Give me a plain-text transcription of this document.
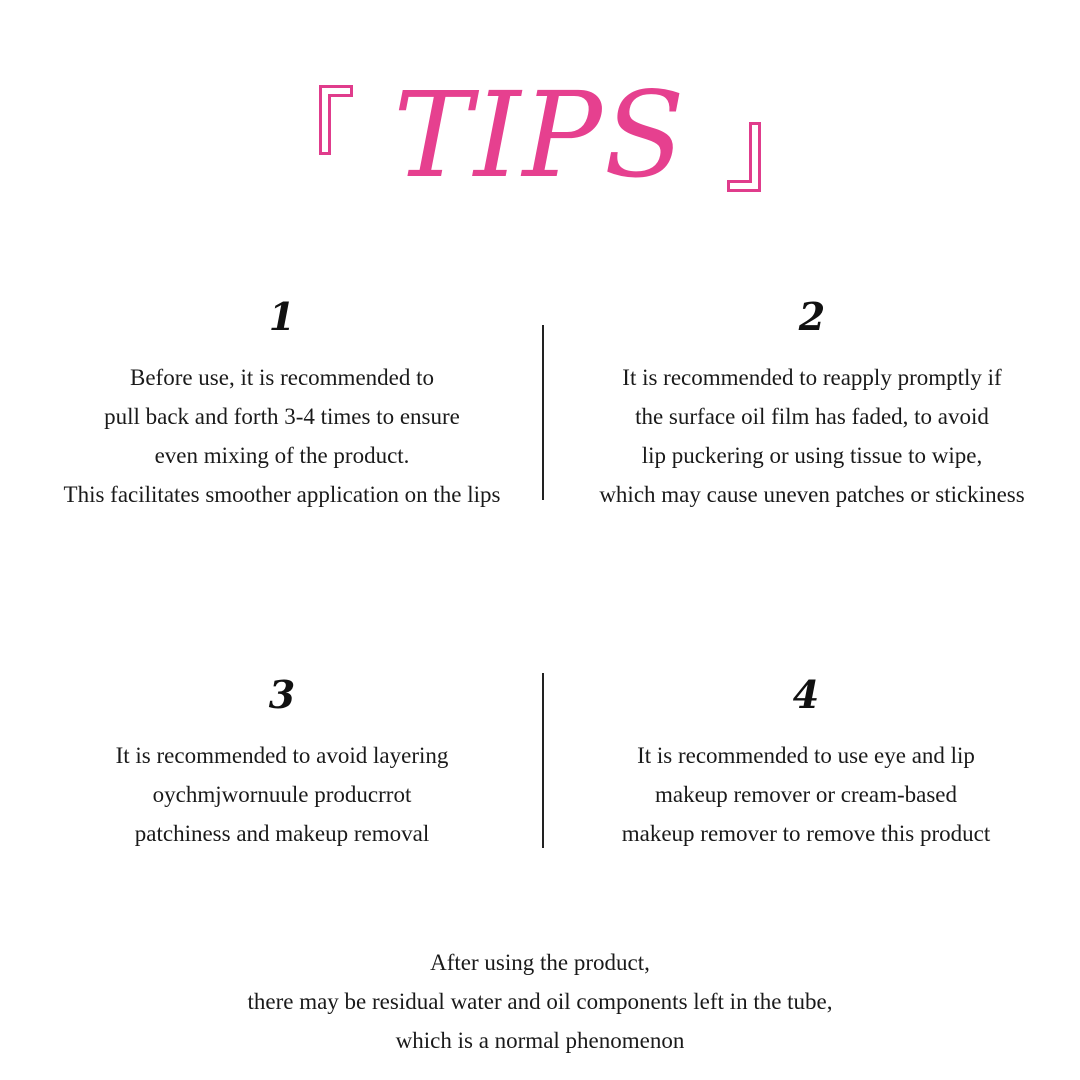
TIPS
1
Before use, it is recommended to
pull back and forth 3-4 times to ensure
even mixing of the product.
This facilitates smoother application on the lips
2
It is recommended to reapply promptly if
the surface oil film has faded, to avoid
lip puckering or using tissue to wipe,
which may cause uneven patches or stickiness
3
It is recommended to avoid layering
oychmjwornuule producrrot
patchiness and makeup removal
4
It is recommended to use eye and lip
makeup remover or cream-based
makeup remover to remove this product
After using the product,
there may be residual water and oil components left in the tube,
which is a normal phenomenon
